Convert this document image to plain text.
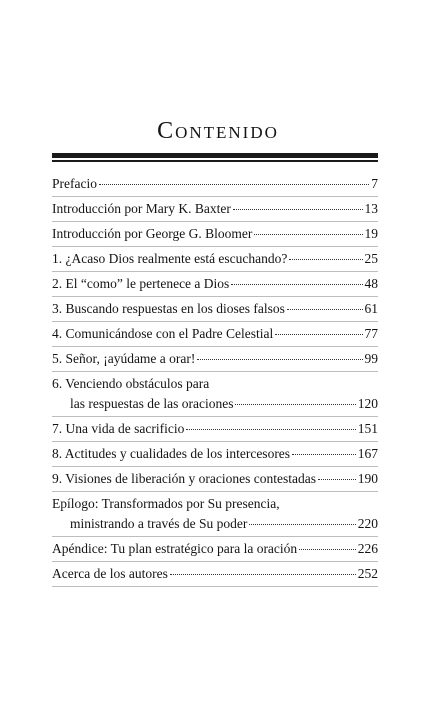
Contenido
Prefacio	7
Introducción por Mary K. Baxter	13
Introducción por George G. Bloomer	19
1. ¿Acaso Dios realmente está escuchando?	25
2. El “como” le pertenece a Dios	48
3. Buscando respuestas en los dioses falsos	61
4. Comunicándose con el Padre Celestial	77
5. Señor, ¡ayúdame a orar!	99
6. Venciendo obstáculos para
las respuestas de las oraciones	120
7. Una vida de sacrificio	151
8. Actitudes y cualidades de los intercesores	167
9. Visiones de liberación y oraciones contestadas	190
Epílogo: Transformados por Su presencia,
ministrando a través de Su poder	220
Apéndice: Tu plan estratégico para la oración	226
Acerca de los autores	252
